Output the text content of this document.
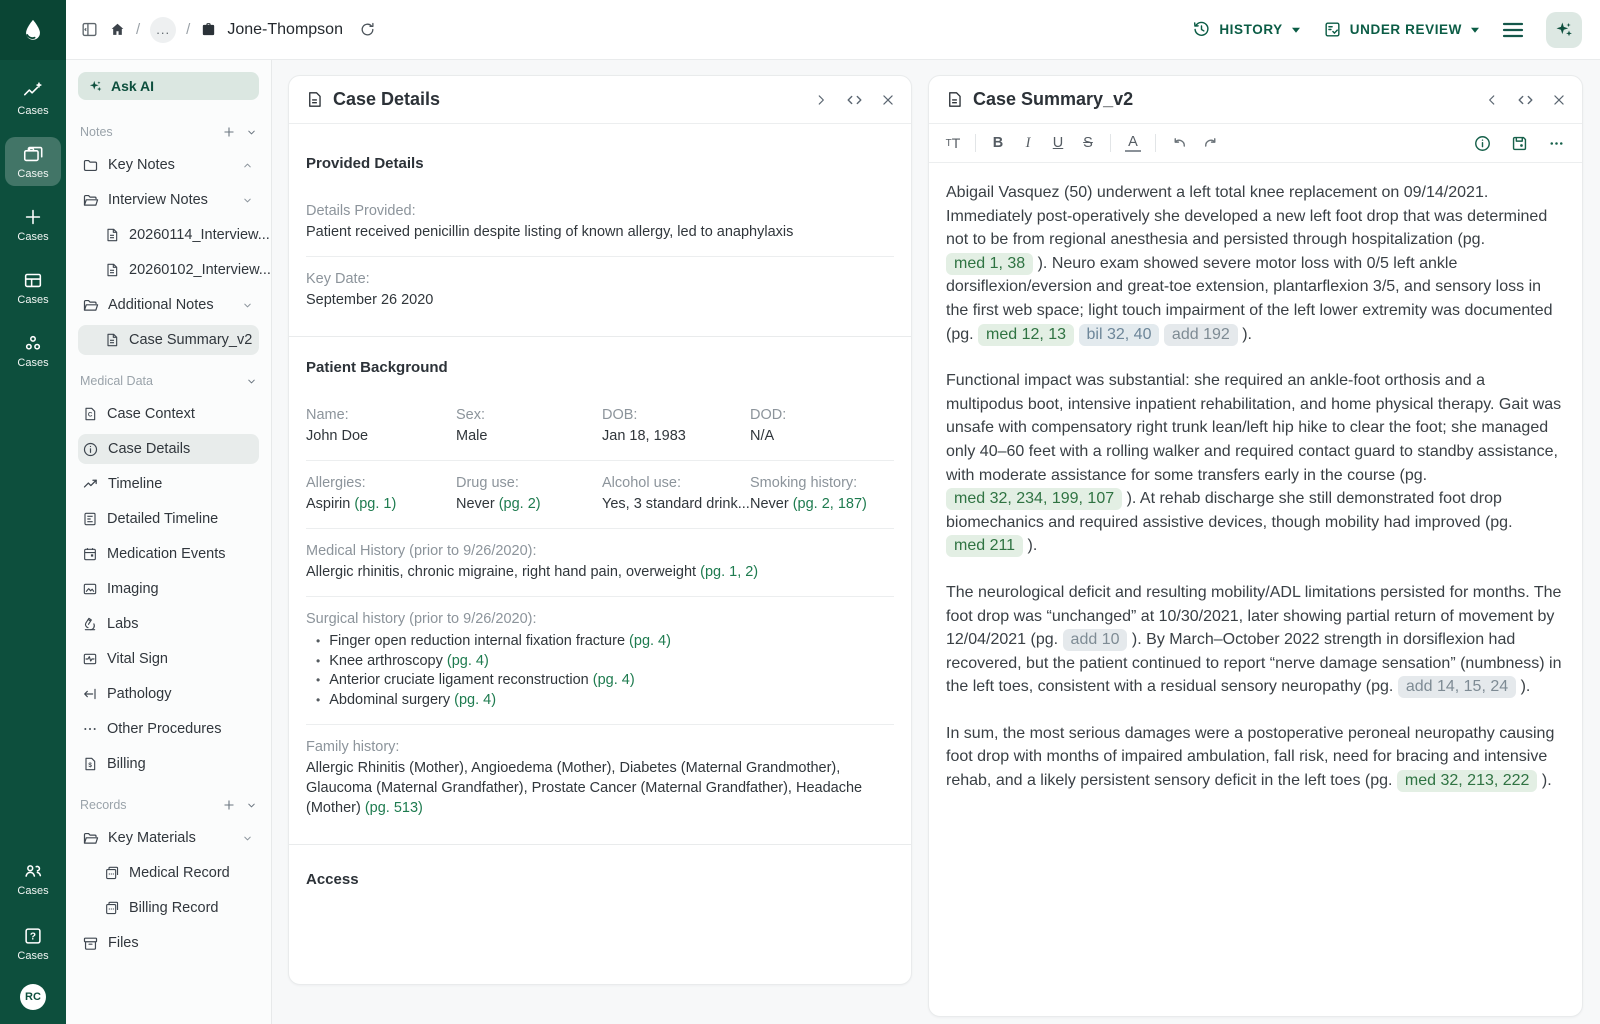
Cases
Cases
Cases
Cases
Cases
Cases
?
Cases
RC
/	...	/ Jone-Thompson	HISTORY	UNDER REVIEW
Ask AI
Notes
Key Notes
Interview Notes
20260114_Interview...
20260102_Interview...
Additional Notes
Case Summary_v2
Medical Data
C Case Context
Case Details
Timeline
Detailed Timeline
Medication Events
Imaging
Labs
Vital Sign
Pathology
Other Procedures
$ Billing
Records
Key Materials
Medical Record
Billing Record
Files
Case Details
Provided Details
Details Provided:
Patient received penicillin despite listing of known allergy, led to anaphylaxis
Key Date:
September 26 2020
Patient Background
Name:
John Doe
Sex:
Male
DOB:
Jan 18, 1983
DOD:
N/A
Allergies:
Aspirin (pg. 1)
Drug use:
Never (pg. 2)
Alcohol use:
Yes, 3 standard drink...
Smoking history:
Never (pg. 2, 187)
Medical History (prior to 9/26/2020):
Allergic rhinitis, chronic migraine, right hand pain, overweight (pg. 1, 2)
Surgical history (prior to 9/26/2020):
• Finger open reduction internal fixation fracture (pg. 4)
• Knee arthroscopy (pg. 4)
• Anterior cruciate ligament reconstruction (pg. 4)
• Abdominal surgery (pg. 4)
Family history:
Allergic Rhinitis (Mother), Angioedema (Mother), Diabetes (Maternal Grandmother), Glaucoma (Maternal Grandfather), Prostate Cancer (Maternal Grandfather), Headache (Mother) (pg. 513)
Access
Case Summary_v2
T T B	I	U S A

Abigail Vasquez (50) underwent a left total knee replacement on 09/14/2021. Immediately post-operatively she developed a new left foot drop that was determined not to be from regional anesthesia and persisted through hospitalization (pg. med 1, 38 ). Neuro exam showed severe motor loss with 0/5 left ankle dorsiflexion/eversion and great-toe extension, plantarflexion 3/5, and sensory loss in the first web space; light touch impairment of the left lower extremity was documented (pg. med 12, 13 bil 32, 40 add 192 ).

Functional impact was substantial: she required an ankle-foot orthosis and a multipodus boot, intensive inpatient rehabilitation, and home physical therapy. Gait was unsafe with compensatory right trunk lean/left hip hike to clear the foot; she managed only 40–60 feet with a rolling walker and required contact guard to standby assistance, with moderate assistance for some transfers early in the course (pg. med 32, 234, 199, 107 ). At rehab discharge she still demonstrated foot drop biomechanics and required assistive devices, though mobility had improved (pg. med 211 ).

The neurological deficit and resulting mobility/ADL limitations persisted for months. The foot drop was “unchanged” at 10/30/2021, later showing partial return of movement by 12/04/2021 (pg. add 10 ). By March–October 2022 strength in dorsiflexion had recovered, but the patient continued to report “nerve damage sensation” (numbness) in the left toes, consistent with a residual sensory neuropathy (pg. add 14, 15, 24 ).

In sum, the most serious damages were a postoperative peroneal neuropathy causing foot drop with months of impaired ambulation, fall risk, need for bracing and intensive rehab, and a likely persistent sensory deficit in the left toes (pg. med 32, 213, 222 ).
